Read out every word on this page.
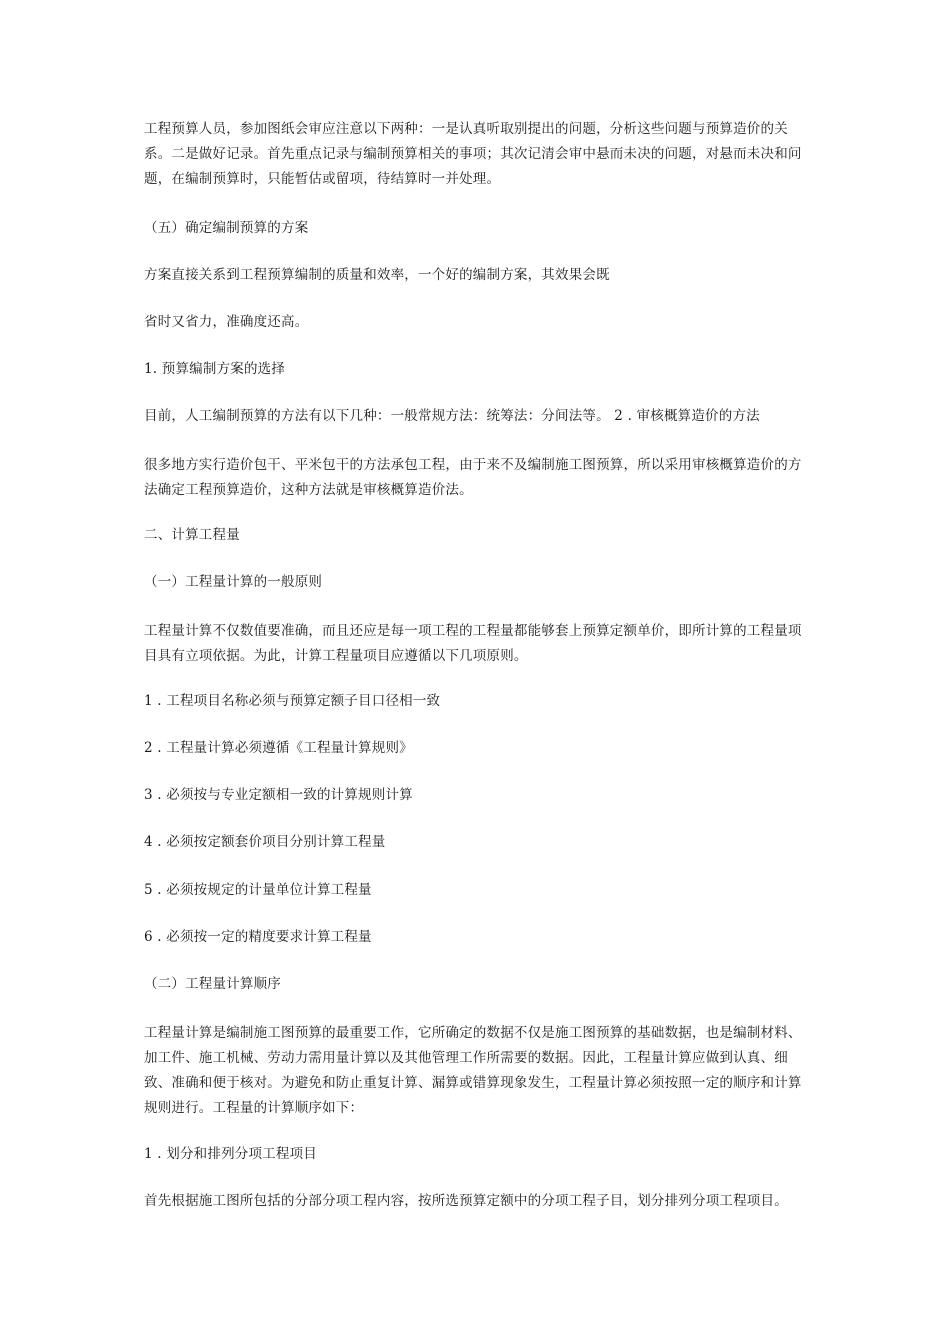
工程预算人员，参加图纸会审应注意以下两种：一是认真听取别提出的问题，分析这些问题与预算造价的关系。二是做好记录。首先重点记录与编制预算相关的事项；其次记清会审中悬而未决的问题，对悬而未决和问题，在编制预算时，只能暂估或留项，待结算时一并处理。
（五）确定编制预算的方案
方案直接关系到工程预算编制的质量和效率，一个好的编制方案，其效果会既
省时又省力，准确度还高。
1. 预算编制方案的选择
目前，人工编制预算的方法有以下几种：一般常规方法：统筹法：分间法等。 2 . 审核概算造价的方法
很多地方实行造价包干、平米包干的方法承包工程，由于来不及编制施工图预算，所以采用审核概算造价的方法确定工程预算造价，这种方法就是审核概算造价法。
二、计算工程量
（一）工程量计算的一般原则
工程量计算不仅数值要准确，而且还应是每一项工程的工程量都能够套上预算定额单价，即所计算的工程量项目具有立项依据。为此，计算工程量项目应遵循以下几项原则。
1 . 工程项目名称必须与预算定额子目口径相一致
2 . 工程量计算必须遵循《工程量计算规则》
3 . 必须按与专业定额相一致的计算规则计算
4 . 必须按定额套价项目分别计算工程量
5 . 必须按规定的计量单位计算工程量
6 . 必须按一定的精度要求计算工程量
（二）工程量计算顺序
工程量计算是编制施工图预算的最重要工作，它所确定的数据不仅是施工图预算的基础数据，也是编制材料、加工件、施工机械、劳动力需用量计算以及其他管理工作所需要的数据。因此，工程量计算应做到认真、细致、准确和便于核对。为避免和防止重复计算、漏算或错算现象发生，工程量计算必须按照一定的顺序和计算规则进行。工程量的计算顺序如下：
1 . 划分和排列分项工程项目
首先根据施工图所包括的分部分项工程内容，按所选预算定额中的分项工程子目，划分排列分项工程项目。
